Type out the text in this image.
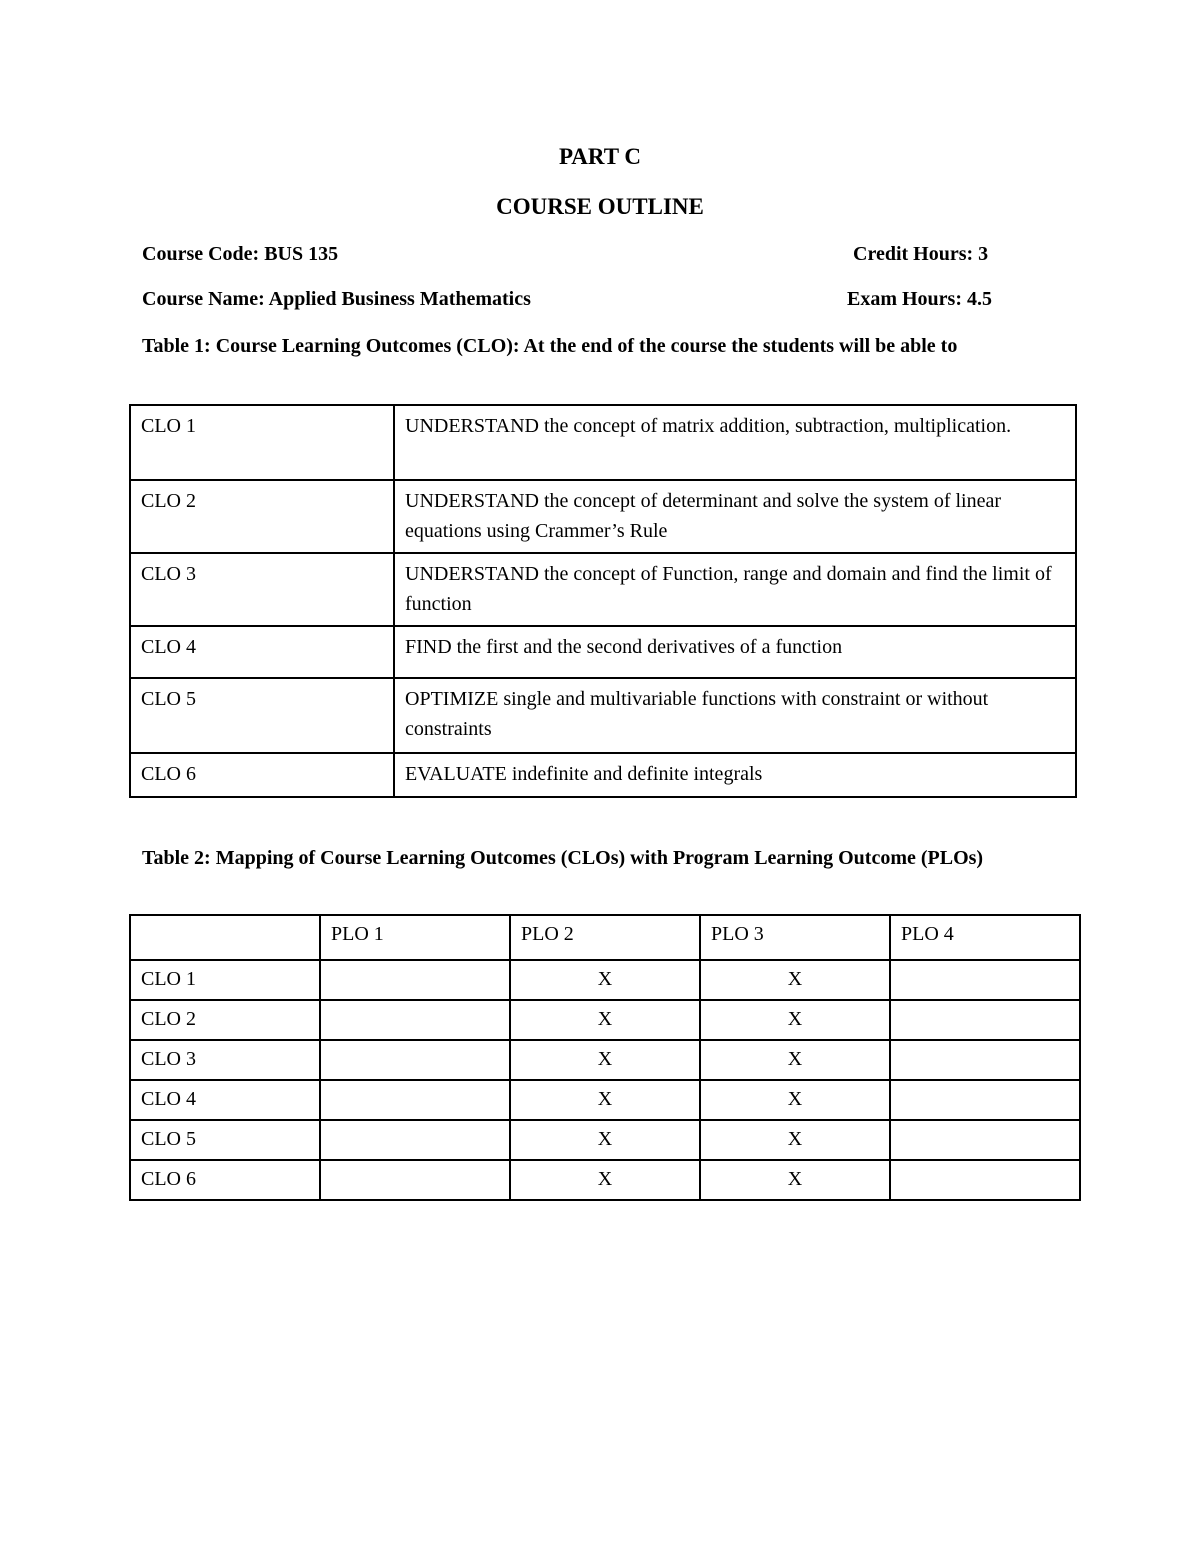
PART C
COURSE OUTLINE
Course Code: BUS 135	Credit Hours: 3
Course Name: Applied Business Mathematics	Exam Hours: 4.5
Table 1: Course Learning Outcomes (CLO): At the end of the course the students will be able to
CLO 1	UNDERSTAND the concept of matrix addition, subtraction, multiplication.
CLO 2	UNDERSTAND the concept of determinant and solve the system of linear equations using Crammer’s Rule
CLO 3	UNDERSTAND the concept of Function, range and domain and find the limit of function
CLO 4	FIND the first and the second derivatives of a function
CLO 5	OPTIMIZE single and multivariable functions with constraint or without constraints
CLO 6	EVALUATE indefinite and definite integrals
Table 2: Mapping of Course Learning Outcomes (CLOs) with Program Learning Outcome (PLOs)
	PLO 1	PLO 2	PLO 3	PLO 4
CLO 1		X	X	
CLO 2		X	X	
CLO 3		X	X	
CLO 4		X	X	
CLO 5		X	X	
CLO 6		X	X	
